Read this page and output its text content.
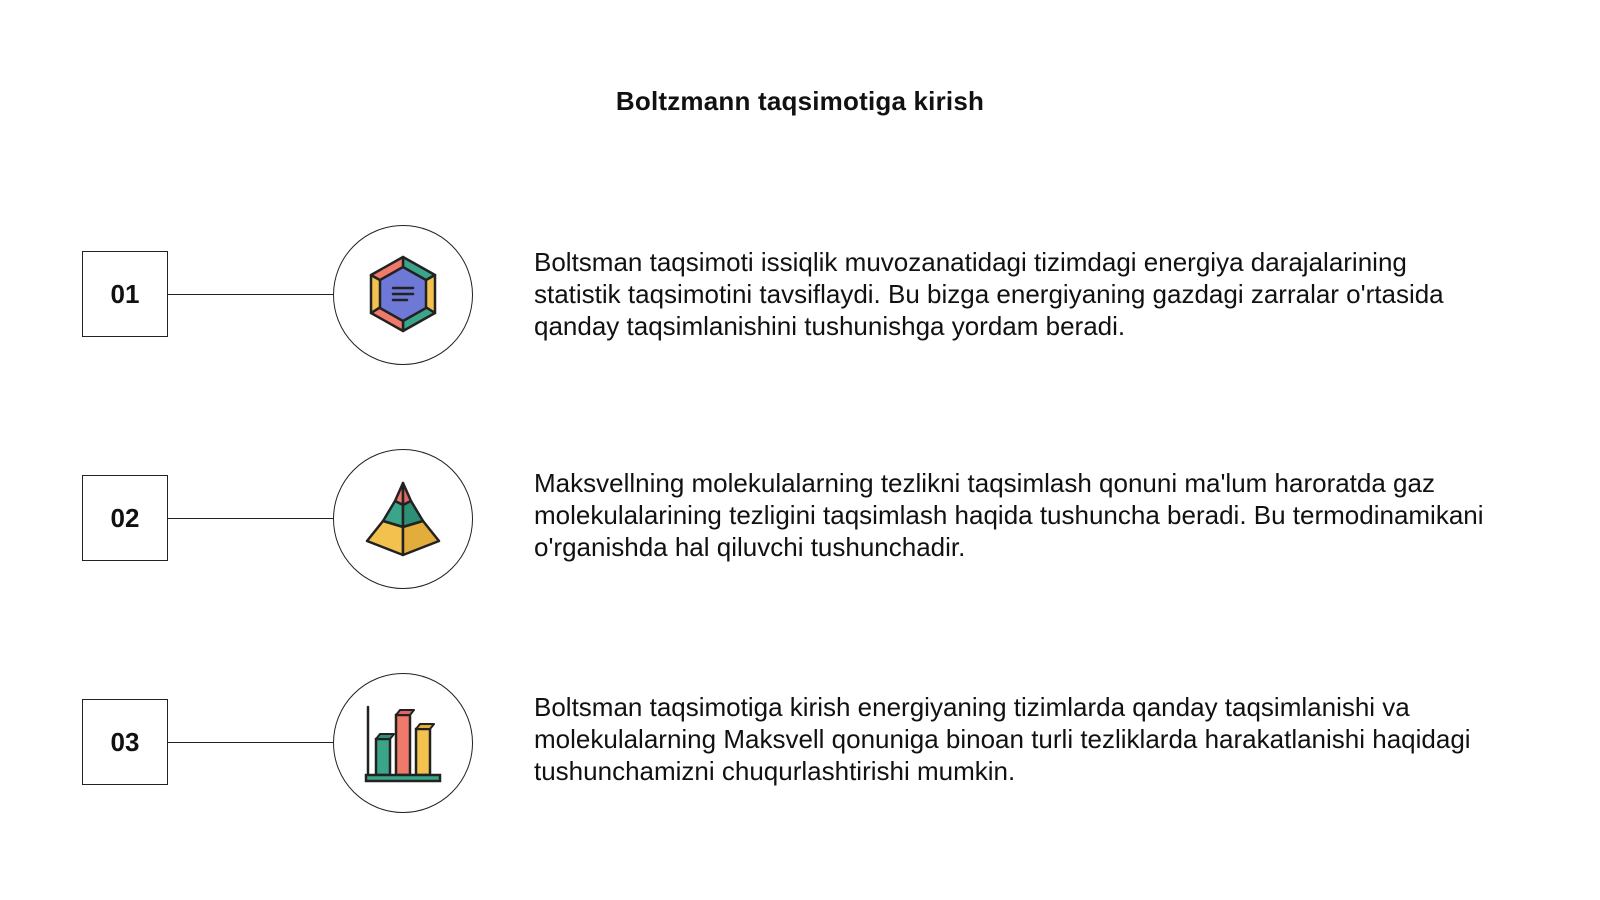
Boltzmann taqsimotiga kirish
01
Boltsman taqsimoti issiqlik muvozanatidagi tizimdagi energiya darajalarining statistik taqsimotini tavsiflaydi. Bu bizga energiyaning gazdagi zarralar o'rtasida qanday taqsimlanishini tushunishga yordam beradi.
02
Maksvellning molekulalarning tezlikni taqsimlash qonuni ma'lum haroratda gaz molekulalarining tezligini taqsimlash haqida tushuncha beradi. Bu termodinamikani o'rganishda hal qiluvchi tushunchadir.
03
Boltsman taqsimotiga kirish energiyaning tizimlarda qanday taqsimlanishi va molekulalarning Maksvell qonuniga binoan turli tezliklarda harakatlanishi haqidagi tushunchamizni chuqurlashtirishi mumkin.
